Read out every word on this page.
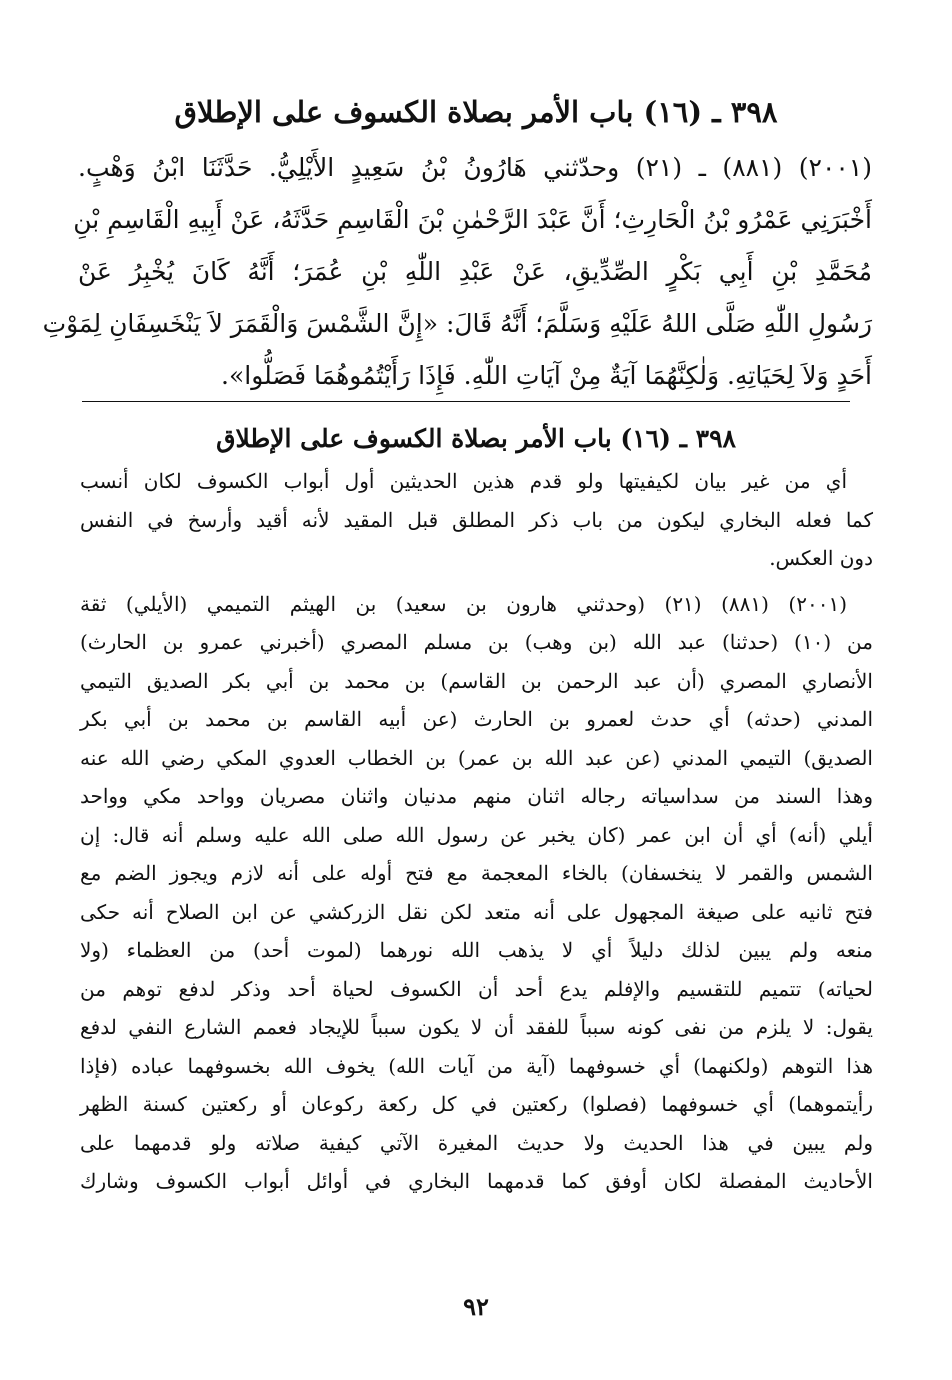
٣٩٨ ـ (١٦) باب الأمر بصلاة الكسوف على الإطلاق
(٢٠٠١) (٨٨١) ـ (٢١) وحدّثني هَارُونُ بْنُ سَعِيدٍ الأَيْلِيُّ. حَدَّثَنَا ابْنُ وَهْبٍ.
أَخْبَرَنِي عَمْرُو بْنُ الْحَارِثِ؛ أَنَّ عَبْدَ الرَّحْمٰنِ بْنَ الْقَاسِمِ حَدَّثَهُ، عَنْ أَبِيهِ الْقَاسِمِ بْنِ
مُحَمَّدِ بْنِ أَبِي بَكْرٍ الصِّدِّيقِ، عَنْ عَبْدِ اللّٰهِ بْنِ عُمَرَ؛ أَنَّهُ كَانَ يُخْبِرُ عَنْ
رَسُولِ اللّٰهِ صَلَّى اللهُ عَلَيْهِ وَسَلَّمَ؛ أَنَّهُ قَالَ: «إِنَّ الشَّمْسَ وَالْقَمَرَ لاَ يَنْخَسِفَانِ لِمَوْتِ
أَحَدٍ وَلاَ لِحَيَاتِهِ. وَلٰكِنَّهُمَا آيَةٌ مِنْ آيَاتِ اللّٰهِ. فَإِذَا رَأَيْتُمُوهُمَا فَصَلُّوا».
٣٩٨ ـ (١٦) باب الأمر بصلاة الكسوف على الإطلاق
أي من غير بيان لكيفيتها ولو قدم هذين الحديثين أول أبواب الكسوف لكان أنسب
كما فعله البخاري ليكون من باب ذكر المطلق قبل المقيد لأنه أقيد وأرسخ في النفس
دون العكس.
(٢٠٠١) (٨٨١) (٢١) (وحدثني هارون بن سعيد) بن الهيثم التميمي (الأيلي) ثقة
من (١٠) (حدثنا) عبد الله (بن وهب) بن مسلم المصري (أخبرني عمرو بن الحارث)
الأنصاري المصري (أن عبد الرحمن بن القاسم) بن محمد بن أبي بكر الصديق التيمي
المدني (حدثه) أي حدث لعمرو بن الحارث (عن أبيه القاسم بن محمد بن أبي بكر
الصديق) التيمي المدني (عن عبد الله بن عمر) بن الخطاب العدوي المكي رضي الله عنه
وهذا السند من سداسياته رجاله اثنان منهم مدنيان واثنان مصريان وواحد مكي وواحد
أيلي (أنه) أي أن ابن عمر (كان يخبر عن رسول الله صلى الله عليه وسلم أنه قال: إن
الشمس والقمر لا ينخسفان) بالخاء المعجمة مع فتح أوله على أنه لازم ويجوز الضم مع
فتح ثانيه على صيغة المجهول على أنه متعد لكن نقل الزركشي عن ابن الصلاح أنه حكى
منعه ولم يبين لذلك دليلاً أي لا يذهب الله نورهما (لموت أحد) من العظماء (ولا
لحياته) تتميم للتقسيم والإفلم يدع أحد أن الكسوف لحياة أحد وذكر لدفع توهم من
يقول: لا يلزم من نفى كونه سبباً للفقد أن لا يكون سبباً للإيجاد فعمم الشارع النفي لدفع
هذا التوهم (ولكنهما) أي خسوفهما (آية من آيات الله) يخوف الله بخسوفهما عباده (فإذا
رأيتموهما) أي خسوفهما (فصلوا) ركعتين في كل ركعة ركوعان أو ركعتين كسنة الظهر
ولم يبين في هذا الحديث ولا حديث المغيرة الآتي كيفية صلاته ولو قدمهما على
الأحاديث المفصلة لكان أوفق كما قدمهما البخاري في أوائل أبواب الكسوف وشارك
٩٢
